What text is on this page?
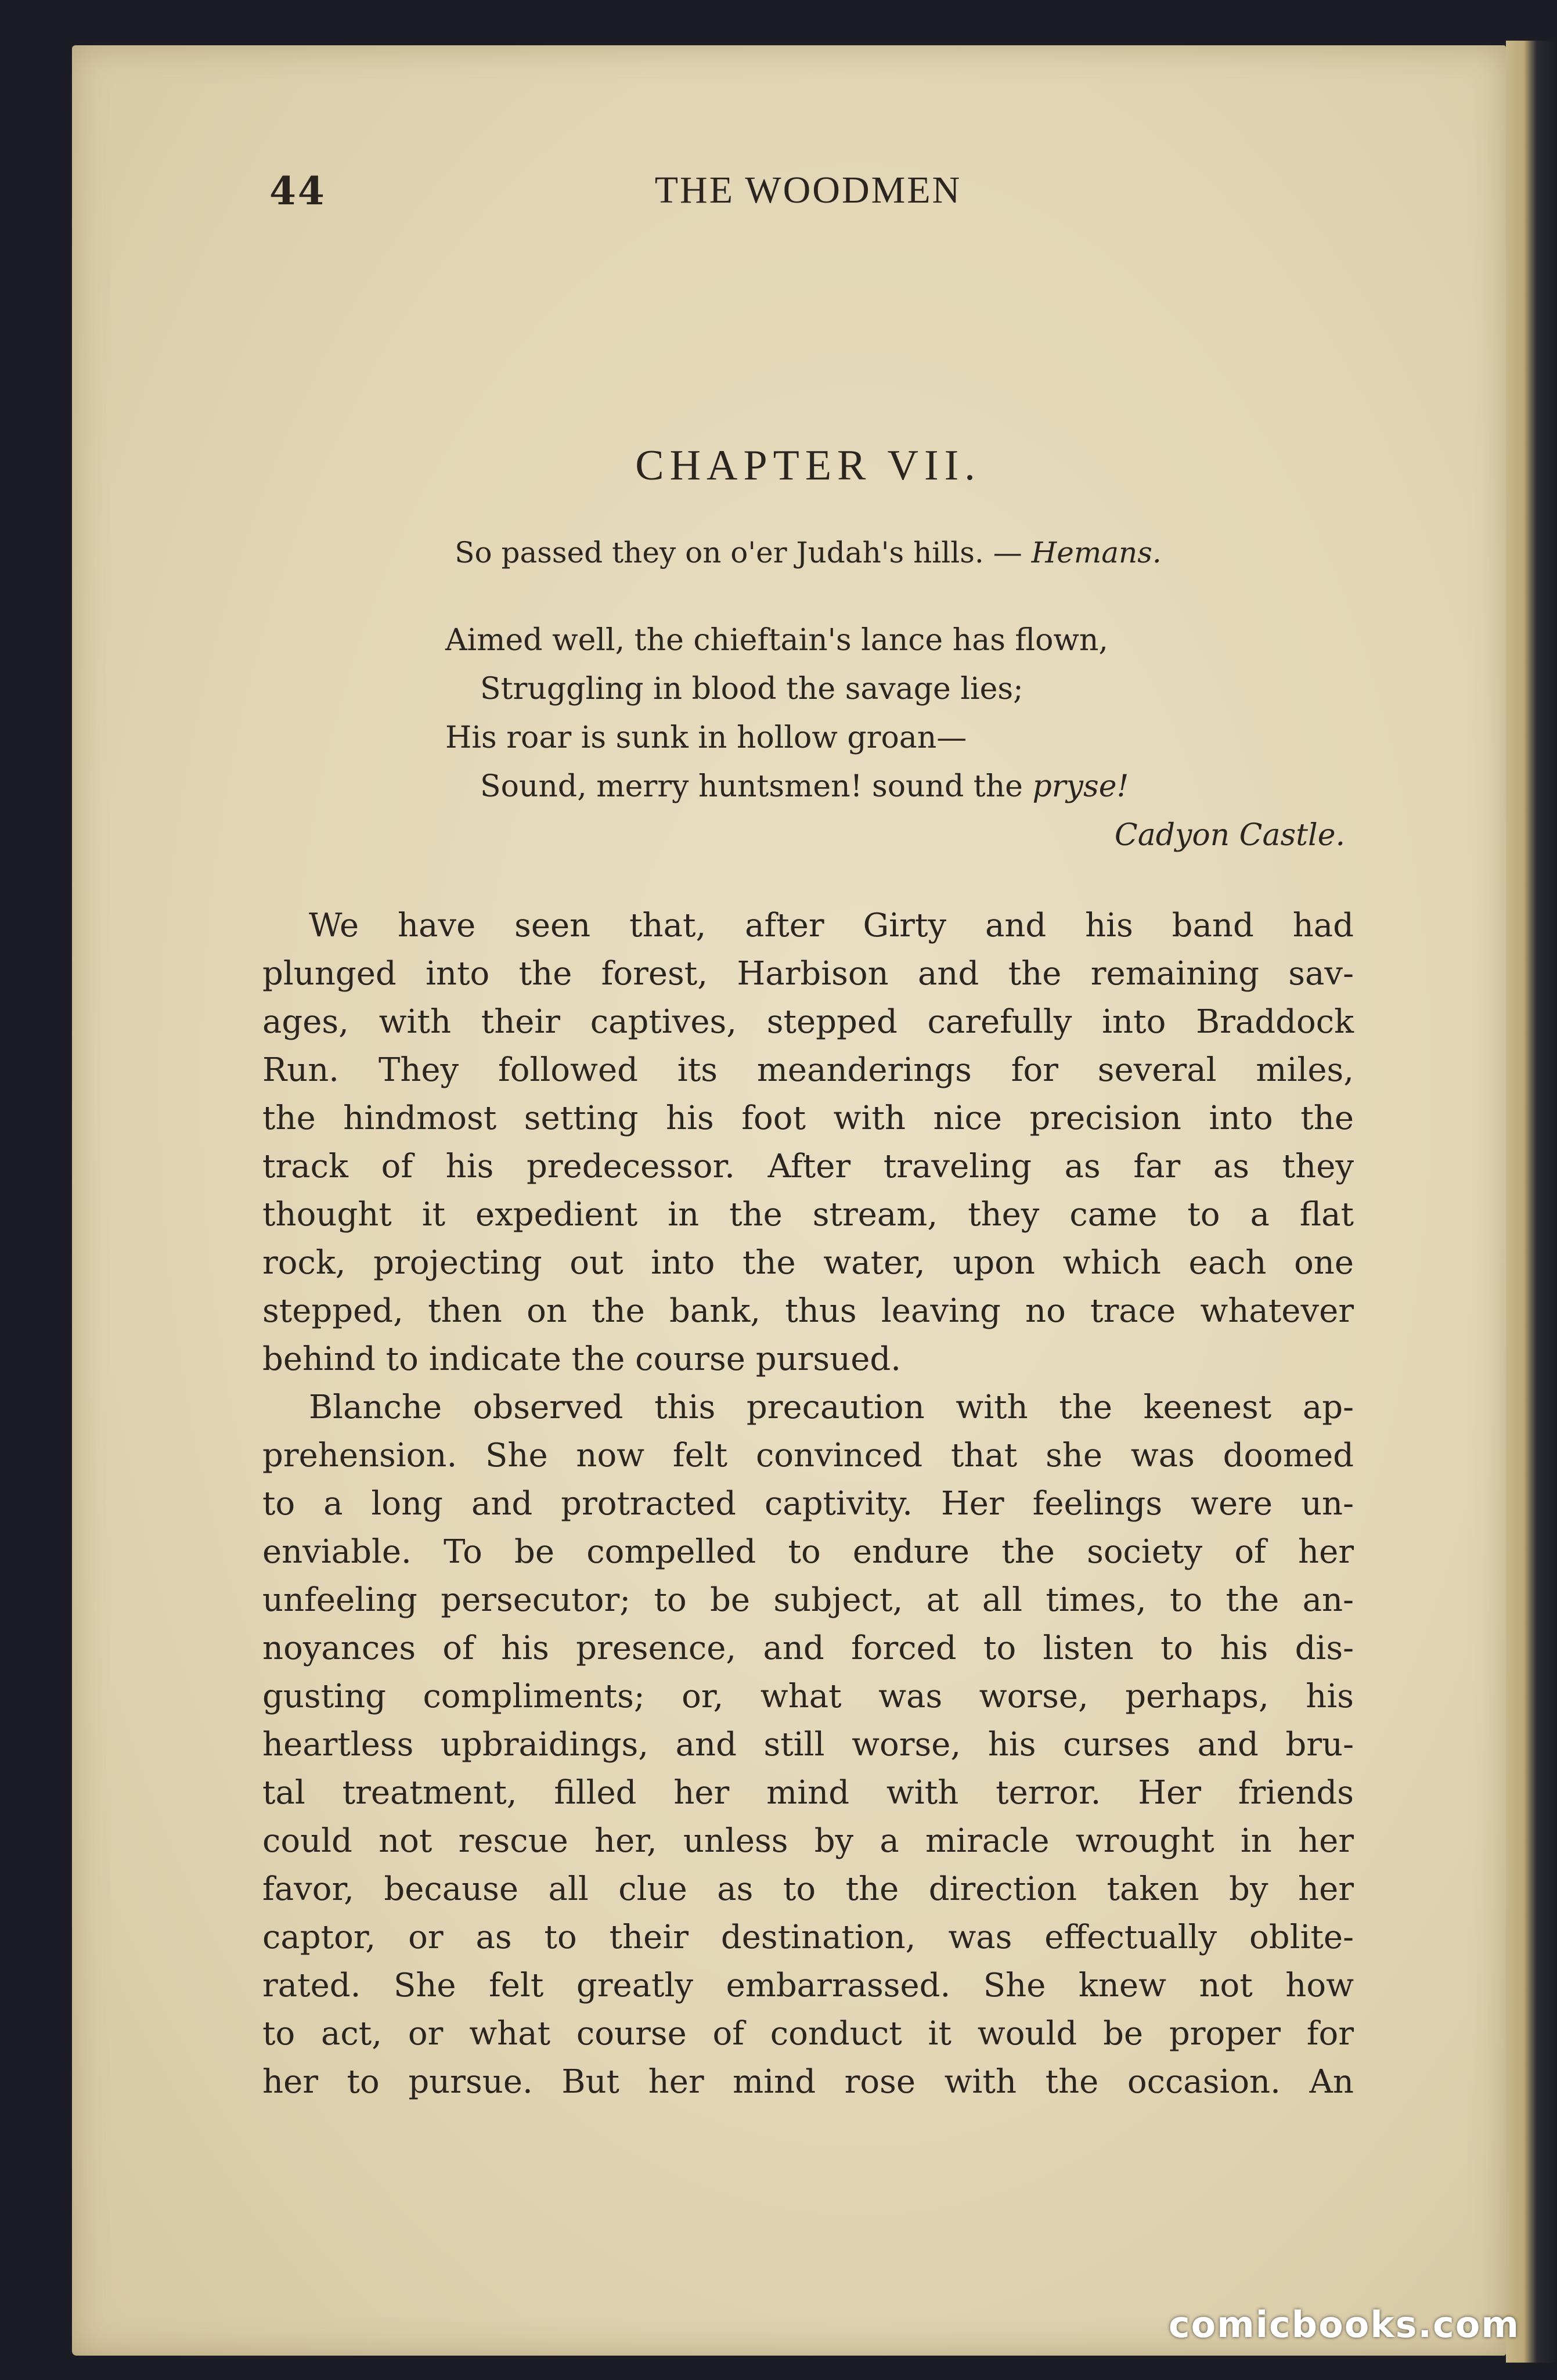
44	THE WOODMEN
CHAPTER VII.
So passed they on o'er Judah's hills. — Hemans.
Aimed well, the chieftain's lance has flown,
Struggling in blood the savage lies;
His roar is sunk in hollow groan—
Sound, merry huntsmen! sound the pryse!
Cadyon Castle.
We have seen that, after Girty and his band had
plunged into the forest, Harbison and the remaining sav-
ages, with their captives, stepped carefully into Braddock
Run. They followed its meanderings for several miles,
the hindmost setting his foot with nice precision into the
track of his predecessor. After traveling as far as they
thought it expedient in the stream, they came to a flat
rock, projecting out into the water, upon which each one
stepped, then on the bank, thus leaving no trace whatever
behind to indicate the course pursued.
Blanche observed this precaution with the keenest ap-
prehension. She now felt convinced that she was doomed
to a long and protracted captivity. Her feelings were un-
enviable. To be compelled to endure the society of her
unfeeling persecutor; to be subject, at all times, to the an-
noyances of his presence, and forced to listen to his dis-
gusting compliments; or, what was worse, perhaps, his
heartless upbraidings, and still worse, his curses and bru-
tal treatment, filled her mind with terror. Her friends
could not rescue her, unless by a miracle wrought in her
favor, because all clue as to the direction taken by her
captor, or as to their destination, was effectually oblite-
rated. She felt greatly embarrassed. She knew not how
to act, or what course of conduct it would be proper for
her to pursue. But her mind rose with the occasion. An
comicbooks.com
